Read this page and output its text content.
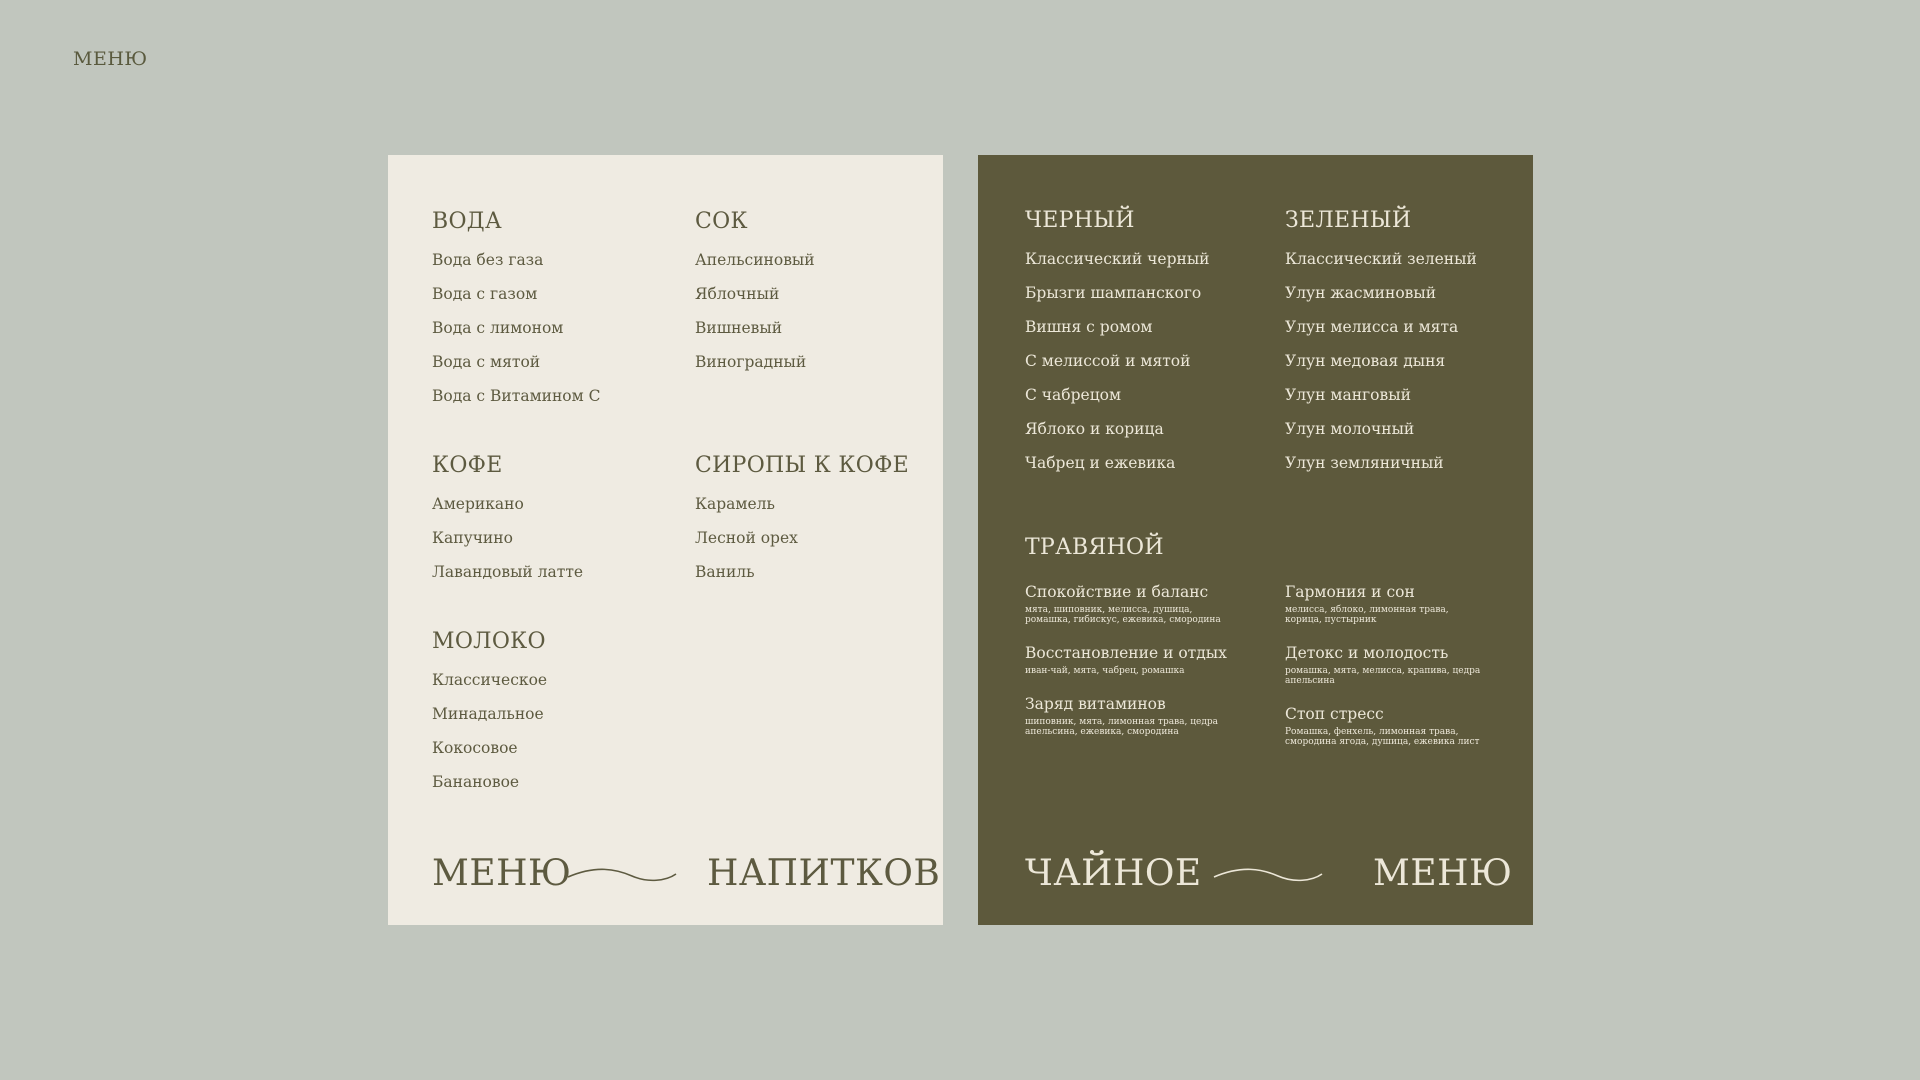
МЕНЮ
ВОДА
Вода без газа
Вода с газом
Вода с лимоном
Вода с мятой
Вода с Витамином С
СОК
Апельсиновый
Яблочный
Вишневый
Виноградный
КОФЕ
Американо
Капучино
Лавандовый латте
СИРОПЫ К КОФЕ
Карамель
Лесной орех
Ваниль
МОЛОКО
Классическое
Минадальное
Кокосовое
Банановое
МЕНЮ	НАПИТКОВ
ЧЕРНЫЙ
Классический черный
Брызги шампанского
Вишня с ромом
С мелиссой и мятой
С чабрецом
Яблоко и корица
Чабрец и ежевика
ЗЕЛЕНЫЙ
Классический зеленый
Улун жасминовый
Улун мелисса и мята
Улун медовая дыня
Улун манговый
Улун молочный
Улун земляничный
ТРАВЯНОЙ
Спокойствие и баланс
мята, шиповник, мелисса, душица, ромашка, гибискус, ежевика, смородина
Восстановление и отдых
иван-чай, мята, чабрец, ромашка
Заряд витаминов
шиповник, мята, лимонная трава, цедра апельсина, ежевика, смородина
Гармония и сон
мелисса, яблоко, лимонная трава, корица, пустырник
Детокс и молодость
ромашка, мята, мелисса, крапива, цедра апельсина
Стоп стресс
Ромашка, фенхель, лимонная трава, смородина ягода, душица, ежевика лист
ЧАЙНОЕ	МЕНЮ
